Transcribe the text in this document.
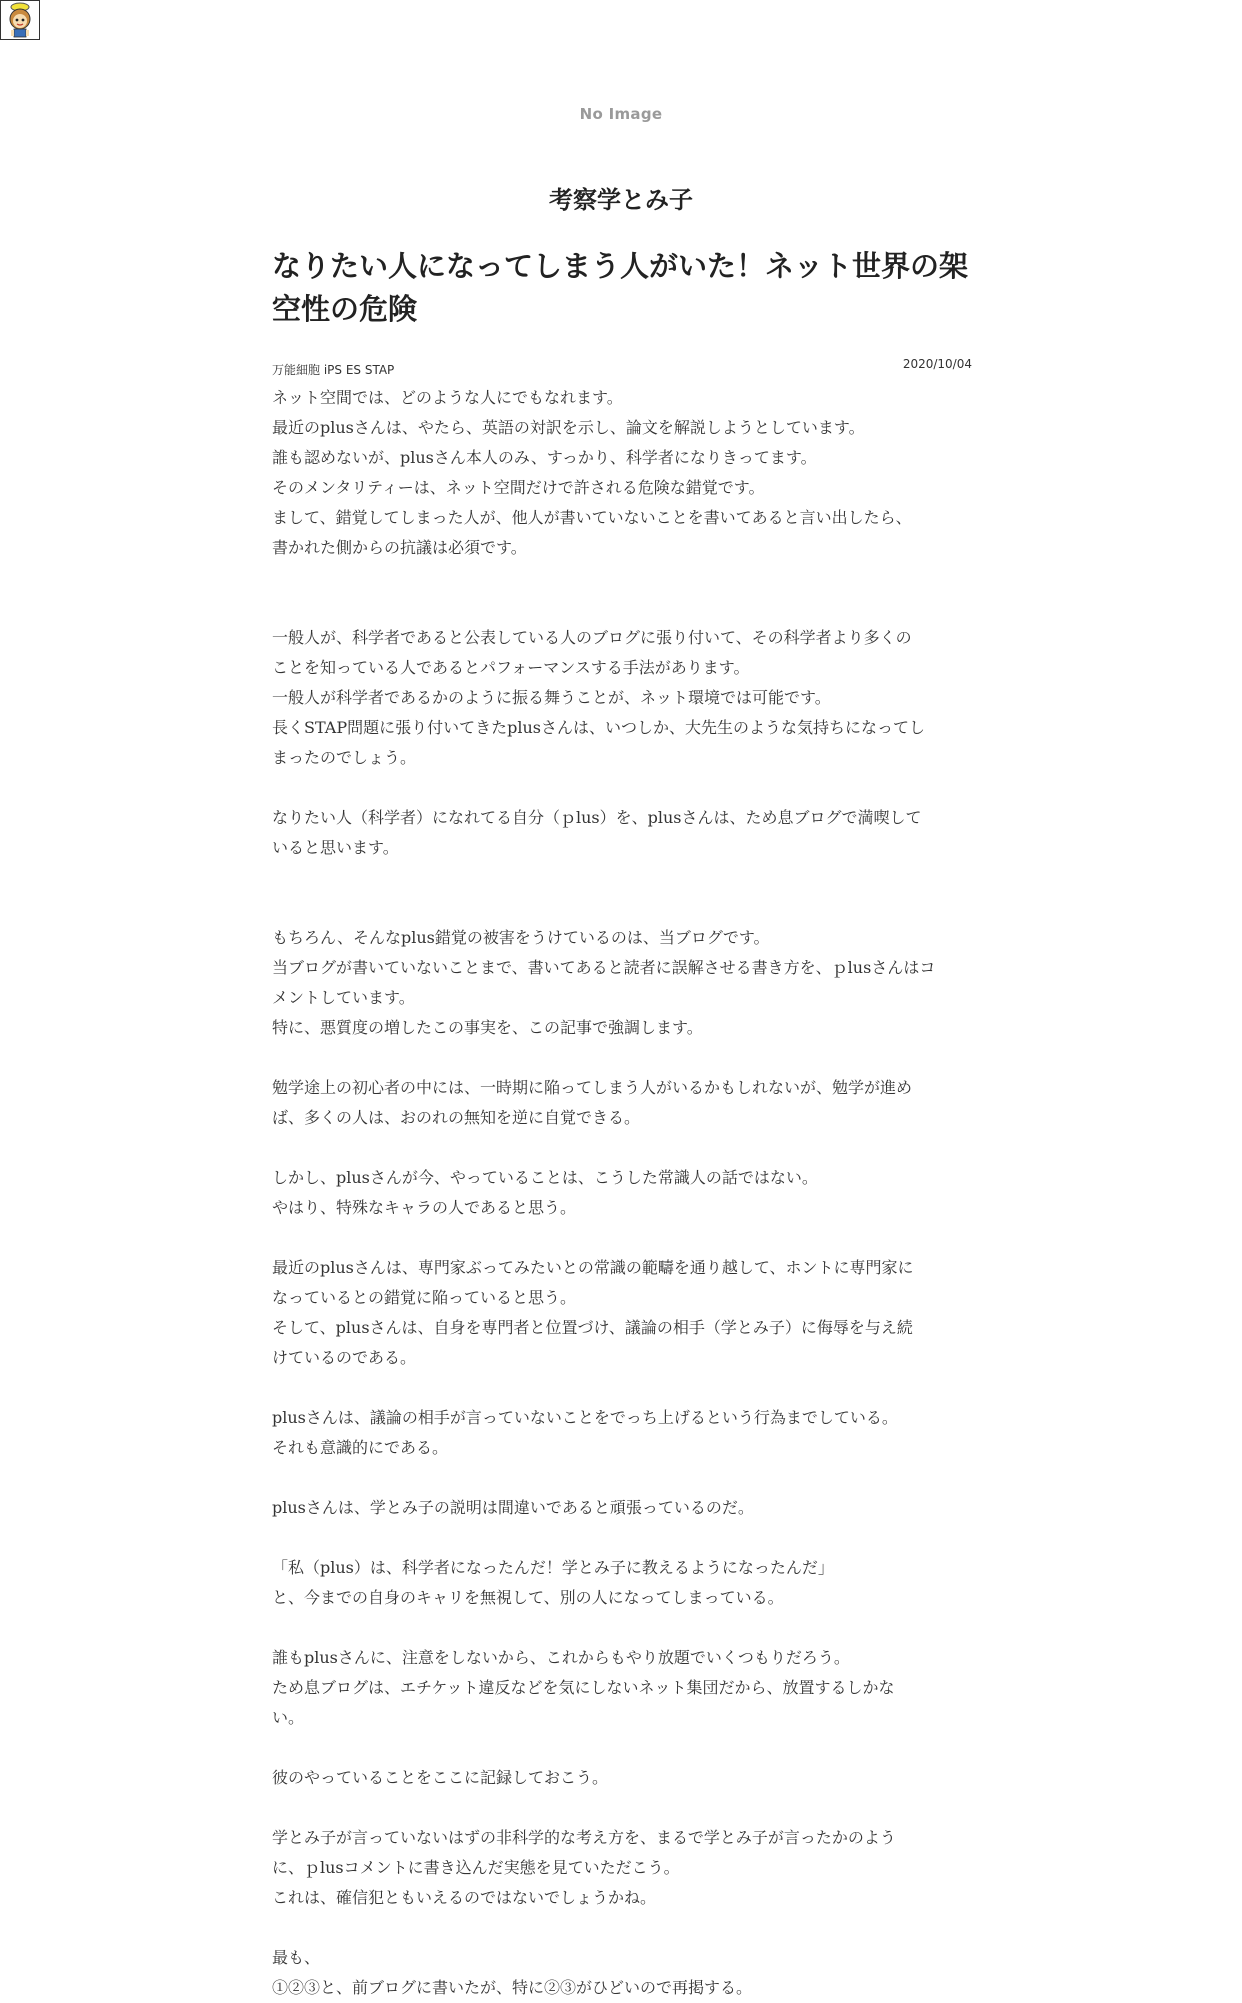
No Image
考察学とみ子
なりたい人になってしまう人がいた！ネット世界の架空性の危険
万能細胞 iPS ES STAP	2020/10/04

ネット空間では、どのような人にでもなれます。

最近のplusさんは、やたら、英語の対訳を示し、論文を解説しようとしています。

誰も認めないが、plusさん本人のみ、すっかり、科学者になりきってます。

そのメンタリティーは、ネット空間だけで許される危険な錯覚です。

まして、錯覚してしまった人が、他人が書いていないことを書いてあると言い出したら、

書かれた側からの抗議は必須です。

一般人が、科学者であると公表している人のブログに張り付いて、その科学者より多くの

ことを知っている人であるとパフォーマンスする手法があります。

一般人が科学者であるかのように振る舞うことが、ネット環境では可能です。

長くSTAP問題に張り付いてきたplusさんは、いつしか、大先生のような気持ちになってし

まったのでしょう。

なりたい人（科学者）になれてる自分（ｐlus）を、plusさんは、ため息ブログで満喫して

いると思います。

もちろん、そんなplus錯覚の被害をうけているのは、当ブログです。

当ブログが書いていないことまで、書いてあると読者に誤解させる書き方を、ｐlusさんはコ

メントしています。

特に、悪質度の増したこの事実を、この記事で強調します。

勉学途上の初心者の中には、一時期に陥ってしまう人がいるかもしれないが、勉学が進め

ば、多くの人は、おのれの無知を逆に自覚できる。

しかし、plusさんが今、やっていることは、こうした常識人の話ではない。

やはり、特殊なキャラの人であると思う。

最近のplusさんは、専門家ぶってみたいとの常識の範疇を通り越して、ホントに専門家に

なっているとの錯覚に陥っていると思う。

そして、plusさんは、自身を専門者と位置づけ、議論の相手（学とみ子）に侮辱を与え続

けているのである。

plusさんは、議論の相手が言っていないことをでっち上げるという行為までしている。

それも意識的にである。

plusさんは、学とみ子の説明は間違いであると頑張っているのだ。

「私（plus）は、科学者になったんだ！学とみ子に教えるようになったんだ」

と、今までの自身のキャリを無視して、別の人になってしまっている。

誰もplusさんに、注意をしないから、これからもやり放題でいくつもりだろう。

ため息ブログは、エチケット違反などを気にしないネット集団だから、放置するしかな

い。

彼のやっていることをここに記録しておこう。

学とみ子が言っていないはずの非科学的な考え方を、まるで学とみ子が言ったかのよう

に、ｐlusコメントに書き込んだ実態を見ていただこう。

これは、確信犯ともいえるのではないでしょうかね。

最も、

①②③と、前ブログに書いたが、特に②③がひどいので再掲する。
